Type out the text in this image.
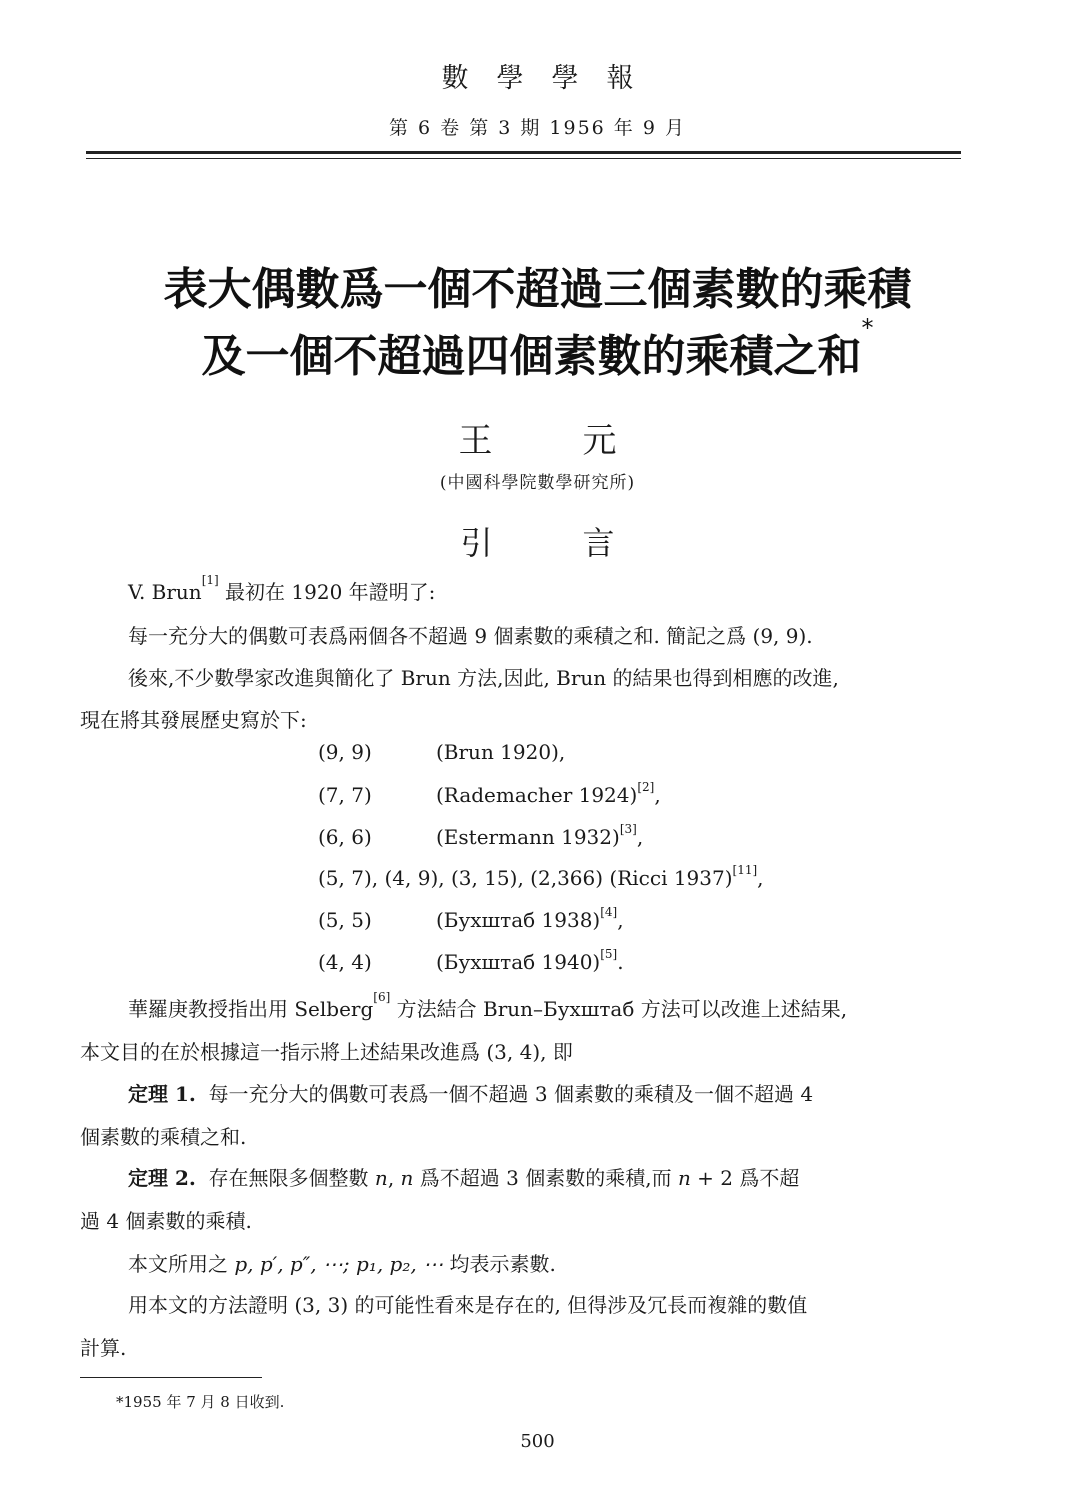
數學學報
第 6 卷 第 3 期 1956 年 9 月
表大偶數爲一個不超過三個素數的乘積
及一個不超過四個素數的乘積之和*
王元
(中國科學院數學研究所)
引言
V. Brun[1] 最初在 1920 年證明了:
每一充分大的偶數可表爲兩個各不超過 9 個素數的乘積之和. 簡記之爲 (9, 9).
後來,不少數學家改進與簡化了 Brun 方法,因此, Brun 的結果也得到相應的改進,
現在將其發展歷史寫於下:
(9, 9)	(Brun 1920),
(7, 7)	(Rademacher 1924)[2],
(6, 6)	(Estermann 1932)[3],
(5, 7), (4, 9), (3, 15), (2,366) (Ricci 1937)[11],
(5, 5)	(Бухштаб 1938)[4],
(4, 4)	(Бухштаб 1940)[5].
華羅庚教授指出用 Selberg[6] 方法結合 Brun–Бухштаб 方法可以改進上述結果,
本文目的在於根據這一指示將上述結果改進爲 (3, 4), 即
定理 1. 每一充分大的偶數可表爲一個不超過 3 個素數的乘積及一個不超過 4
個素數的乘積之和.
定理 2. 存在無限多個整數 n, n 爲不超過 3 個素數的乘積,而 n + 2 爲不超
過 4 個素數的乘積.
本文所用之 p, p′, p″, ⋯; p₁, p₂, ⋯ 均表示素數.
用本文的方法證明 (3, 3) 的可能性看來是存在的, 但得涉及冗長而複雜的數值
計算.
*1955 年 7 月 8 日收到.
500
